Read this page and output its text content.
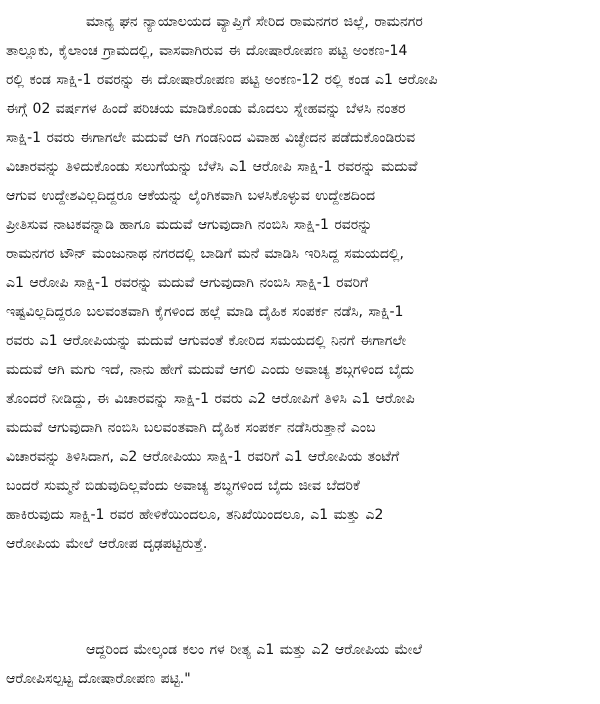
ಮಾನ್ಯ ಘನ ನ್ಯಾಯಾಲಯದ ವ್ಯಾಪ್ತಿಗೆ ಸೇರಿದ ರಾಮನಗರ ಜಿಲ್ಲೆ, ರಾಮನಗರ
ತಾಲ್ಲೂಕು, ಕೈಲಾಂಚ ಗ್ರಾಮದಲ್ಲಿ, ವಾಸವಾಗಿರುವ ಈ ದೋಷಾರೋಪಣ ಪಟ್ಟಿ ಅಂಕಣ-14
ರಲ್ಲಿ ಕಂಡ ಸಾಕ್ಷಿ-1 ರವರನ್ನು ಈ ದೋಷಾರೋಪಣ ಪಟ್ಟಿ ಅಂಕಣ-12 ರಲ್ಲಿ ಕಂಡ ಎ1 ಆರೋಪಿ
ಈಗ್ಗೆ 02 ವರ್ಷಗಳ ಹಿಂದೆ ಪರಿಚಯ ಮಾಡಿಕೊಂಡು ಮೊದಲು ಸ್ನೇಹವನ್ನು ಬೆಳಸಿ ನಂತರ
ಸಾಕ್ಷಿ-1 ರವರು ಈಗಾಗಲೇ ಮದುವೆ ಆಗಿ ಗಂಡನಿಂದ ವಿವಾಹ ವಿಚ್ಛೇದನ ಪಡೆದುಕೊಂಡಿರುವ
ವಿಚಾರವನ್ನು ತಿಳಿದುಕೊಂಡು ಸಲುಗೆಯನ್ನು ಬೆಳೆಸಿ ಎ1 ಆರೋಪಿ ಸಾಕ್ಷಿ-1 ರವರನ್ನು ಮದುವೆ
ಆಗುವ ಉದ್ದೇಶವಿಲ್ಲದಿದ್ದರೂ ಆಕೆಯನ್ನು ಲೈಂಗಿಕವಾಗಿ ಬಳಸಿಕೊಳ್ಳುವ ಉದ್ದೇಶದಿಂದ
ಪ್ರೀತಿಸುವ ನಾಟಕವನ್ನಾಡಿ ಹಾಗೂ ಮದುವೆ ಆಗುವುದಾಗಿ ನಂಬಿಸಿ ಸಾಕ್ಷಿ-1 ರವರನ್ನು
ರಾಮನಗರ ಟೌನ್ ಮಂಜುನಾಥ ನಗರದಲ್ಲಿ ಬಾಡಿಗೆ ಮನೆ ಮಾಡಿಸಿ ಇರಿಸಿದ್ದ ಸಮಯದಲ್ಲಿ,
ಎ1 ಆರೋಪಿ ಸಾಕ್ಷಿ-1 ರವರನ್ನು ಮದುವೆ ಆಗುವುದಾಗಿ ನಂಬಿಸಿ ಸಾಕ್ಷಿ-1 ರವರಿಗೆ
ಇಷ್ಟವಿಲ್ಲದಿದ್ದರೂ ಬಲವಂತವಾಗಿ ಕೈಗಳಿಂದ ಹಲ್ಲೆ ಮಾಡಿ ದೈಹಿಕ ಸಂಪರ್ಕ ನಡೆಸಿ, ಸಾಕ್ಷಿ-1
ರವರು ಎ1 ಆರೋಪಿಯನ್ನು ಮದುವೆ ಆಗುವಂತೆ ಕೋರಿದ ಸಮಯದಲ್ಲಿ ನಿನಗೆ ಈಗಾಗಲೇ
ಮದುವೆ ಆಗಿ ಮಗು ಇದೆ, ನಾನು ಹೇಗೆ ಮದುವೆ ಆಗಲಿ ಎಂದು ಅವಾಚ್ಯ ಶಬ್ಗಗಳಿಂದ ಬೈದು
ತೊಂದರೆ ನೀಡಿದ್ದು, ಈ ವಿಚಾರವನ್ನು ಸಾಕ್ಷಿ-1 ರವರು ಎ2 ಆರೋಪಿಗೆ ತಿಳಿಸಿ ಎ1 ಆರೋಪಿ
ಮದುವೆ ಆಗುವುದಾಗಿ ನಂಬಿಸಿ ಬಲವಂತವಾಗಿ ದೈಹಿಕ ಸಂಪರ್ಕ ನಡೆಸಿರುತ್ತಾನೆ ಎಂಬ
ವಿಚಾರವನ್ನು ತಿಳಿಸಿದಾಗ, ಎ2 ಆರೋಪಿಯು ಸಾಕ್ಷಿ-1 ರವರಿಗೆ ಎ1 ಆರೋಪಿಯ ತಂಟೆಗೆ
ಬಂದರೆ ಸುಮ್ಮನೆ ಬಿಡುವುದಿಲ್ಲವೆಂದು ಅವಾಚ್ಯ ಶಬ್ಧಗಳಿಂದ ಬೈದು ಜೀವ ಬೆದರಿಕೆ
ಹಾಕಿರುವುದು ಸಾಕ್ಷಿ-1 ರವರ ಹೇಳಿಕೆಯಿಂದಲೂ, ತನಿಖೆಯಿಂದಲೂ, ಎ1 ಮತ್ತು ಎ2
ಆರೋಪಿಯ ಮೇಲೆ ಆರೋಪ ದೃಢಪಟ್ಟಿರುತ್ತೆ.
ಆದ್ದರಿಂದ ಮೇಲ್ಕಂಡ ಕಲಂ ಗಳ ರೀತ್ಯ ಎ1 ಮತ್ತು ಎ2 ಆರೋಪಿಯ ಮೇಲೆ
ಆರೋಪಿಸಲ್ಪಟ್ಟ ದೋಷಾರೋಪಣ ಪಟ್ಟಿ."
